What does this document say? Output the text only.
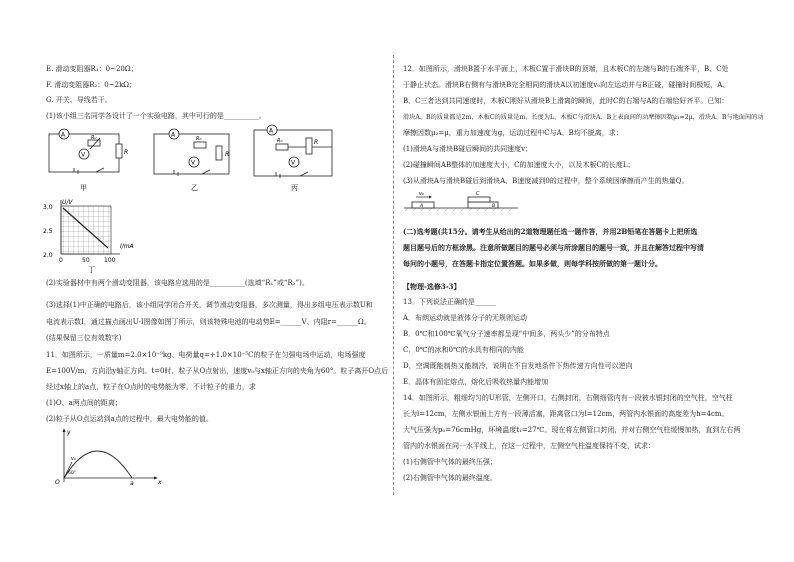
E. 滑动变阻器R₁：0~20Ω；
F. 滑动变阻器R₂：0~2kΩ；
G. 开关、导线若干。
(1)该小组三名同学各设计了一个实验电路，其中可行的是__________。
A
V
R₀
R
A
V
R₀
R
A
V
R₀	R
甲	乙	丙
U/V
3.0
2.5
2.0
0	50 100
I/mA
丁
(2)实验器材中有两个滑动变阻器，该电路应选用的是__________(选填“R₁”或“R₂”)。
(3)选择(1)中正确的电路后，该小组同学闭合开关，调节滑动变阻器，多次测量，得出多组电压表示数U和
电流表示数I，通过描点画出U-I图像如图丁所示，则该特殊电池的电动势E=______V、内阻r=______Ω。
(结果保留三位有效数字)
11．如图所示，一质量m=2.0×10⁻⁹kg、电荷量q=+1.0×10⁻⁵C的粒子在匀强电场中运动，电场强度
E=100V/m，方向沿y轴正方向。t=0时，粒子从O点射出，速度v₀与x轴正方向的夹角为60°。粒子离开O点后
经过x轴上的a点，粒子在O点时的电势能为零，不计粒子的重力，求
(1)O、a两点间的距离；
(2)粒子从O点运动到a点的过程中，最大电势能的值。
y
x
O	a
v₀
60°
12．如图所示，滑块B置于水平面上，木板C置于滑块B的顶端，且木板C的左端与B的右端齐平，B、C处
于静止状态。滑块B右侧有与滑块B完全相同的滑块A以初速度v₀向左运动并与B正碰，碰撞时间极短，A、
B、C三者达到共同速度时，木板C刚好从滑块B上滑离的瞬间，此时C的右端与A的右端恰好齐平。已知：
滑块A、B的质量都是2m，木板C的质量是m，长度为L，木板C与滑块A、B上表面间的动摩擦因数μ₁=2μ，滑块A、B与地面间的动
摩擦因数μ₂=μ，重力加速度为g，运动过程中C与A、B均不脱离，求：
(1)滑块A与滑块B碰后瞬间的共同速度v；
(2)碰撞瞬间AB整体的加速度大小，C的加速度大小，以及木板C的长度L；
(3)从滑块A与滑块B碰后到滑块A、B速度减到0的过程中，整个系统因摩擦而产生的热量Q。
v₀	C
A	B
(二)选考题(共15分。请考生从给出的2道物理题任选一题作答，并用2B铅笔在答题卡上把所选
题目题号后的方框涂黑。注意所做题目的题号必须与所涂题目的题号一致，并且在解答过程中写清
每问的小题号，在答题卡指定位置答题。如果多做，则每学科按所做的第一题计分。
【物理-选修3-3】
13．下列说法正确的是______
A．布朗运动就是液体分子的无规则运动
B．0℃和100℃氧气分子速率都呈现“中间多，两头少”的分布特点
C．0℃的冰和0℃的水具有相同的内能
D．空调既能制热又能制冷，说明在不自发地条件下热传递方向性可以逆向
E．晶体有固定熔点，熔化后吸收热量内能增加
14．如图所示，粗细均匀的U形管，左侧开口，右侧封闭，右侧细管内有一段被水银封闭的空气柱，空气柱
长为l=12cm，左侧水银面上方有一段薄活塞，距离管口为l=12cm，两管内水银面的高度差为h=4cm。
大气压强为p₀=76cmHg，环境温度t₁=27℃。现在将左侧管口封闭，并对右侧空气柱缓慢加热，直到左右两
管内的水银面在同一水平线上，在这一过程中，左侧空气柱温度保持不变，试求：
(1)右侧管中气体的最终压强；
(2)右侧管中气体的最终温度。
